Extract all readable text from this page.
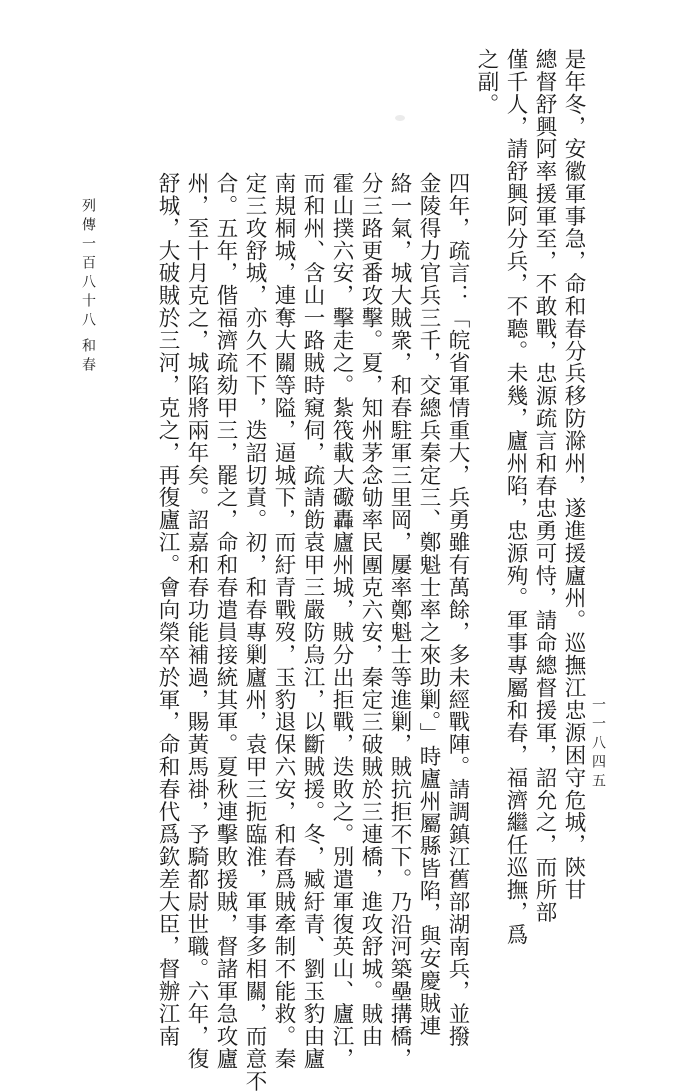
列傳一百八十八
和春
一一八四五
是年冬，安徽軍事急，命和春分兵移防滁州，遂進援廬州。巡撫江忠源困守危城，陝甘
總督舒興阿率援軍至，不敢戰，忠源疏言和春忠勇可恃，請命總督援軍，詔允之，而所部
僅千人，請舒興阿分兵，不聽。未幾，廬州陷，忠源殉。軍事專屬和春，福濟繼任巡撫，爲
之副。
四年，疏言：「皖省軍情重大，兵勇雖有萬餘，多未經戰陣。請調鎮江舊部湖南兵，並撥
金陵得力官兵三千，交總兵秦定三、鄭魁士率之來助剿。」時廬州屬縣皆陷，與安慶賊連
絡一氣，城大賊衆，和春駐軍三里岡，屢率鄭魁士等進剿，賊抗拒不下。乃沿河築壘搆橋，
分三路更番攻擊。夏，知州茅念劬率民團克六安，秦定三破賊於三連橋，進攻舒城。賊由
霍山撲六安，擊走之。紮筏載大礮轟廬州城，賊分出拒戰，迭敗之。別遣軍復英山、廬江，
而和州、含山一路賊時窺伺，疏請飭袁甲三嚴防烏江，以斷賊援。冬，臧紆青、劉玉豹由廬
南規桐城，連奪大關等隘，逼城下，而紆青戰歿，玉豹退保六安，和春爲賊牽制不能救。秦
定三攻舒城，亦久不下，迭詔切責。初，和春專剿廬州，袁甲三扼臨淮，軍事多相關，而意不
合。五年，偕福濟疏劾甲三，罷之，命和春遣員接統其軍。夏秋連擊敗援賊，督諸軍急攻廬
州，至十月克之，城陷將兩年矣。詔嘉和春功能補過，賜黃馬褂，予騎都尉世職。六年，復
舒城，大破賊於三河，克之，再復廬江。會向榮卒於軍，命和春代爲欽差大臣，督辦江南
